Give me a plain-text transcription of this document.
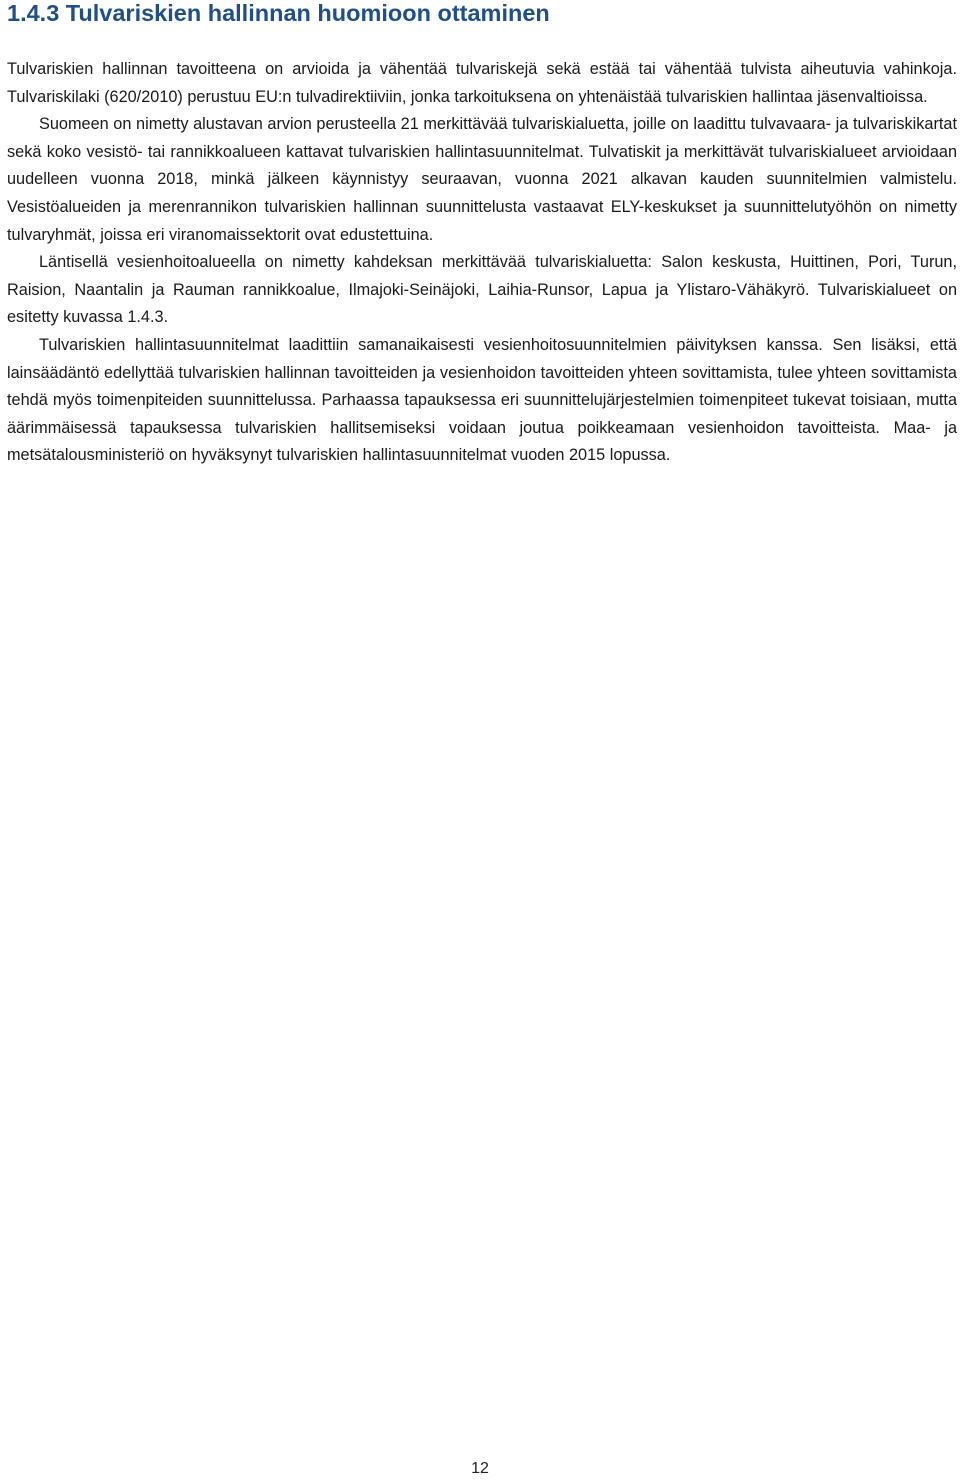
1.4.3 Tulvariskien hallinnan huomioon ottaminen

Tulvariskien hallinnan tavoitteena on arvioida ja vähentää tulvariskejä sekä estää tai vähentää tulvista aiheutuvia vahinkoja. Tulvariskilaki (620/2010) perustuu EU:n tulvadirektiiviin, jonka tarkoituksena on yhtenäistää tulvariskien hallintaa jäsenvaltioissa.

Suomeen on nimetty alustavan arvion perusteella 21 merkittävää tulvariskialuetta, joille on laadittu tulvavaara- ja tulvariskikartat sekä koko vesistö- tai rannikkoalueen kattavat tulvariskien hallintasuunnitelmat. Tulvatiskit ja merkittävät tulvariskialueet arvioidaan uudelleen vuonna 2018, minkä jälkeen käynnistyy seuraavan, vuonna 2021 alkavan kauden suunnitelmien valmistelu. Vesistöalueiden ja merenrannikon tulvariskien hallinnan suunnittelusta vastaavat ELY-keskukset ja suunnittelutyöhön on nimetty tulvaryhmät, joissa eri viranomaissektorit ovat edustettuina.

Läntisellä vesienhoitoalueella on nimetty kahdeksan merkittävää tulvariskialuetta: Salon keskusta, Huittinen, Pori, Turun, Raision, Naantalin ja Rauman rannikkoalue, Ilmajoki-Seinäjoki, Laihia-Runsor, Lapua ja Ylistaro-Vähäkyrö. Tulvariskialueet on esitetty kuvassa 1.4.3.

Tulvariskien hallintasuunnitelmat laadittiin samanaikaisesti vesienhoitosuunnitelmien päivityksen kanssa. Sen lisäksi, että lainsäädäntö edellyttää tulvariskien hallinnan tavoitteiden ja vesienhoidon tavoitteiden yhteen sovittamista, tulee yhteen sovittamista tehdä myös toimenpiteiden suunnittelussa. Parhaassa tapauksessa eri suunnittelujärjestelmien toimenpiteet tukevat toisiaan, mutta äärimmäisessä tapauksessa tulvariskien hallitsemiseksi voidaan joutua poikkeamaan vesienhoidon tavoitteista. Maa- ja metsätalousministeriö on hyväksynyt tulvariskien hallintasuunnitelmat vuoden 2015 lopussa.

12
